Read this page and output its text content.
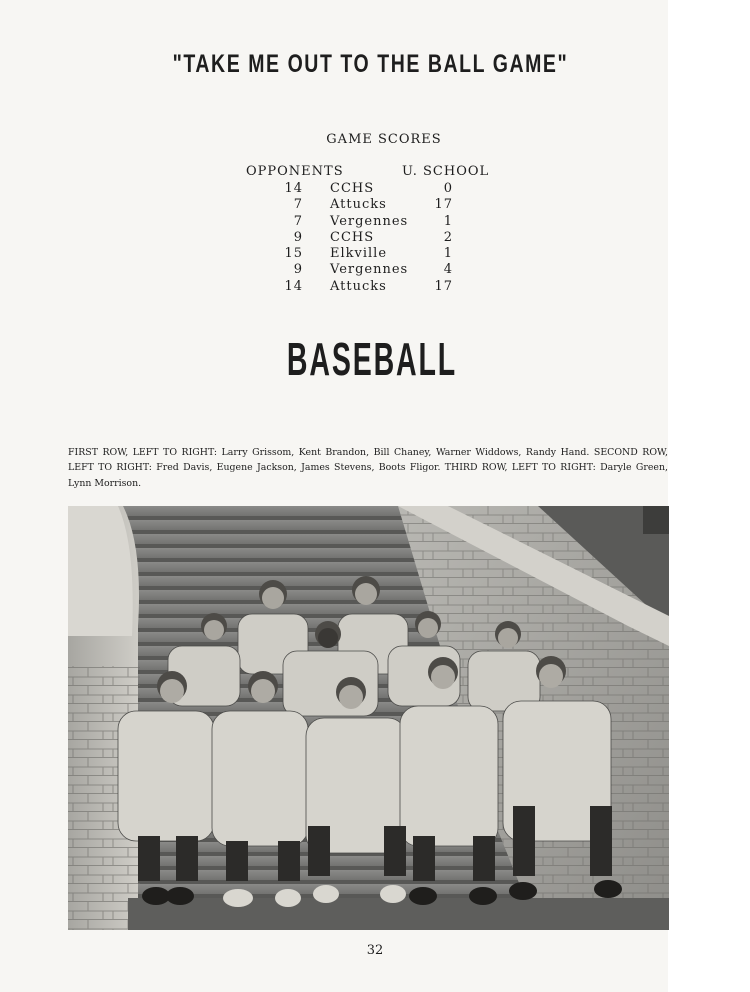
"TAKE ME OUT TO THE BALL GAME"
GAME SCORES
OPPONENTS	U. SCHOOL
14 CCHS	0
7 Attucks	17
7 Vergennes	1
9 CCHS	2
15 Elkville	1
9 Vergennes	4
14 Attucks	17
BASEBALL
FIRST ROW, LEFT TO RIGHT: Larry Grissom, Kent Brandon, Bill Chaney, Warner Widdows, Randy Hand. SECOND ROW, LEFT TO RIGHT: Fred Davis, Eugene Jackson, James Stevens, Boots Fligor. THIRD ROW, LEFT TO RIGHT: Daryle Green, Lynn Morrison.
32
